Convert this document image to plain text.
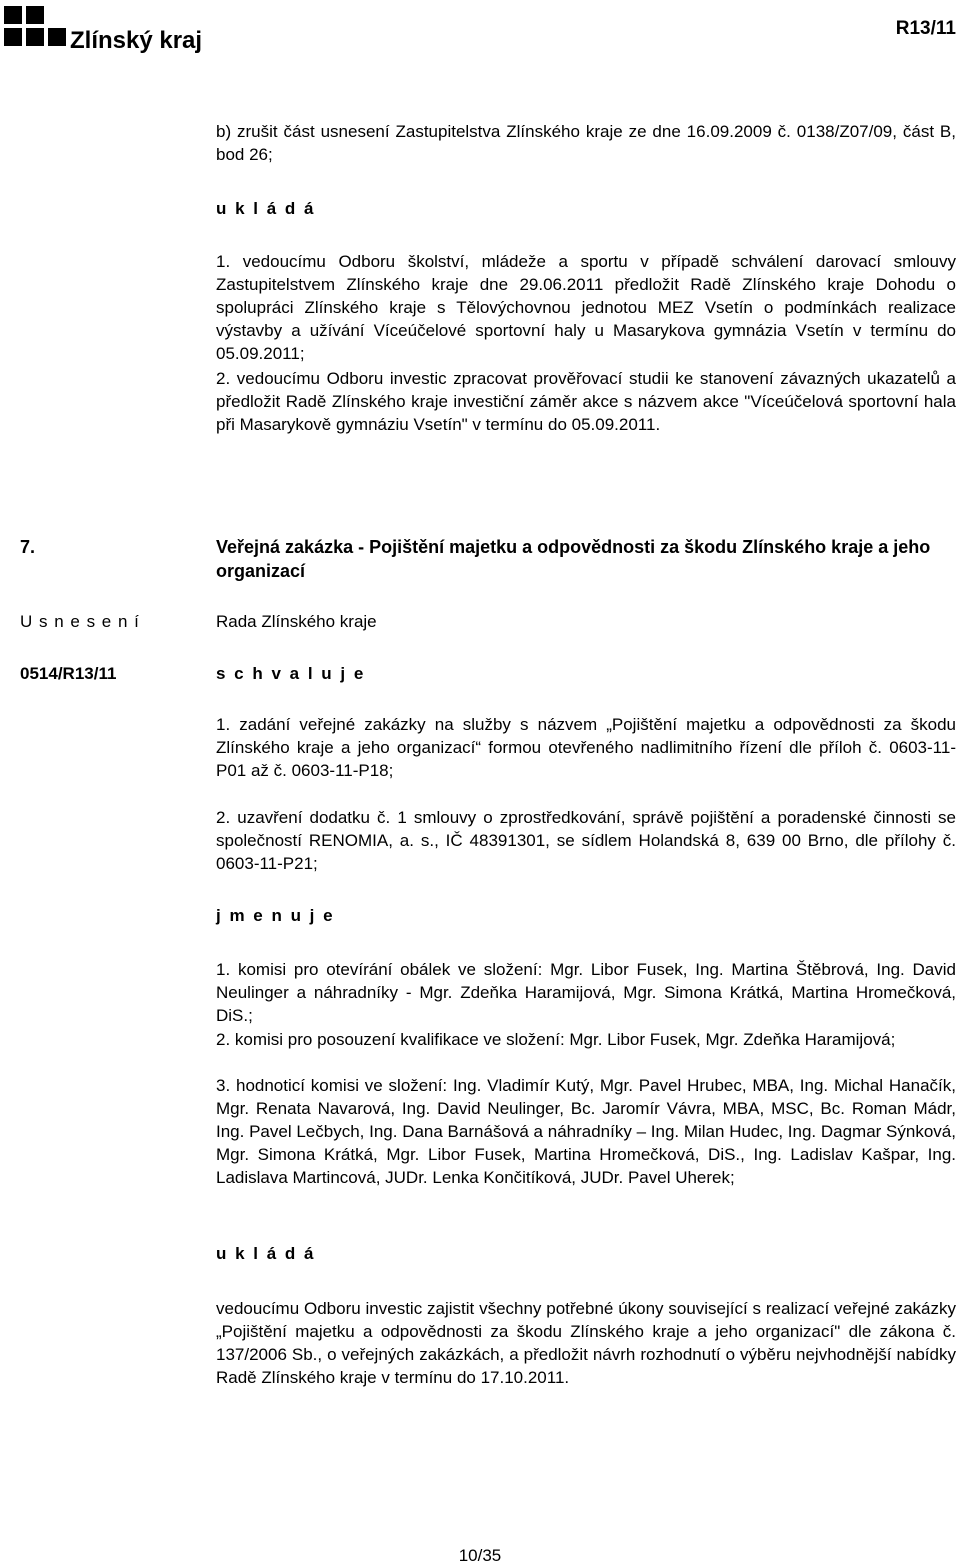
Zlínský kraj	R13/11

b) zrušit část usnesení Zastupitelstva Zlínského kraje ze dne 16.09.2009 č. 0138/Z07/09, část B, bod 26;

u k l á d á

1. vedoucímu Odboru školství, mládeže a sportu v případě schválení darovací smlouvy Zastupitelstvem Zlínského kraje dne 29.06.2011 předložit Radě Zlínského kraje Dohodu o spolupráci Zlínského kraje s Tělovýchovnou jednotou MEZ Vsetín o podmínkách realizace výstavby a užívání Víceúčelové sportovní haly u Masarykova gymnázia Vsetín v termínu do 05.09.2011;

2. vedoucímu Odboru investic zpracovat prověřovací studii ke stanovení závazných ukazatelů a předložit Radě Zlínského kraje investiční záměr akce s názvem akce "Víceúčelová sportovní hala při Masarykově gymnáziu Vsetín" v termínu do 05.09.2011.

7.	Veřejná zakázka - Pojištění majetku a odpovědnosti za škodu Zlínského kraje a jeho organizací
U s n e s e n í	Rada Zlínského kraje
0514/R13/11	s c h v a l u j e

1. zadání veřejné zakázky na služby s názvem „Pojištění majetku a odpovědnosti za škodu Zlínského kraje a jeho organizací“ formou otevřeného nadlimitního řízení dle příloh č. 0603-11-P01 až č. 0603-11-P18;

2. uzavření dodatku č. 1 smlouvy o zprostředkování, správě pojištění a poradenské činnosti se společností RENOMIA, a. s., IČ 48391301, se sídlem Holandská 8, 639 00 Brno, dle přílohy č. 0603-11-P21;

j m e n u j e

1. komisi pro otevírání obálek ve složení: Mgr. Libor Fusek, Ing. Martina Štěbrová, Ing. David Neulinger a náhradníky - Mgr. Zdeňka Haramijová, Mgr. Simona Krátká, Martina Hromečková, DiS.;

2. komisi pro posouzení kvalifikace ve složení: Mgr. Libor Fusek, Mgr. Zdeňka Haramijová;

3. hodnoticí komisi ve složení: Ing. Vladimír Kutý, Mgr. Pavel Hrubec, MBA, Ing. Michal Hanačík, Mgr. Renata Navarová, Ing. David Neulinger, Bc. Jaromír Vávra, MBA, MSC, Bc. Roman Mádr, Ing. Pavel Lečbych, Ing. Dana Barnášová a náhradníky – Ing. Milan Hudec, Ing. Dagmar Sýnková, Mgr. Simona Krátká, Mgr. Libor Fusek, Martina Hromečková, DiS., Ing. Ladislav Kašpar, Ing. Ladislava Martincová, JUDr. Lenka Končitíková, JUDr. Pavel Uherek;

u k l á d á

vedoucímu Odboru investic zajistit všechny potřebné úkony související s realizací veřejné zakázky „Pojištění majetku a odpovědnosti za škodu Zlínského kraje a jeho organizací" dle zákona č. 137/2006 Sb., o veřejných zakázkách, a předložit návrh rozhodnutí o výběru nejvhodnější nabídky Radě Zlínského kraje v termínu do 17.10.2011.

10/35
